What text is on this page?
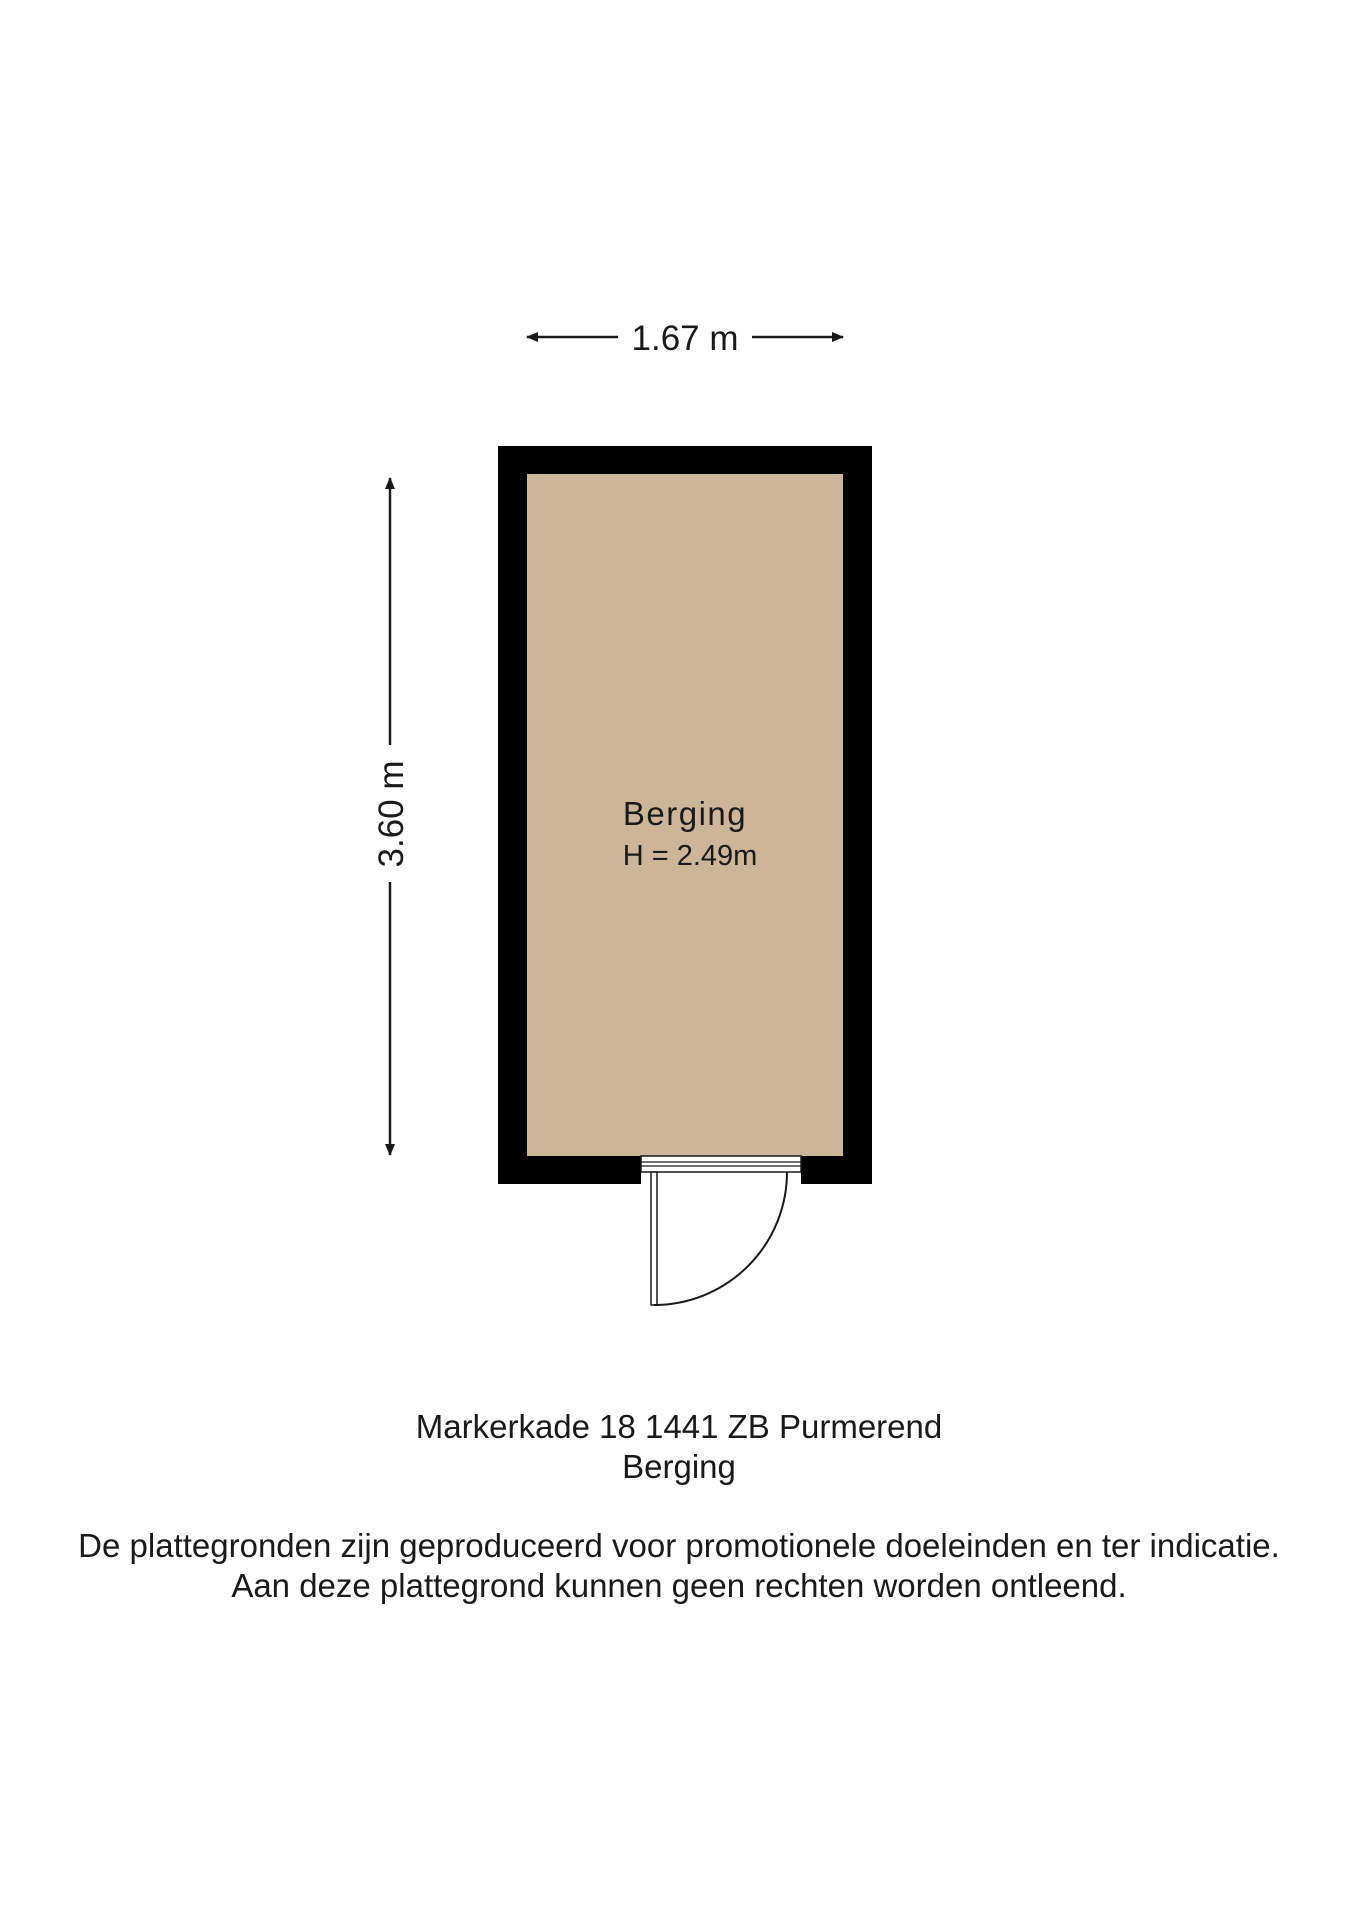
1.67 m
3.60 m	Berging
H = 2.49m
Markerkade 18 1441 ZB Purmerend
Berging
De plattegronden zijn geproduceerd voor promotionele doeleinden en ter indicatie.
Aan deze plattegrond kunnen geen rechten worden ontleend.
